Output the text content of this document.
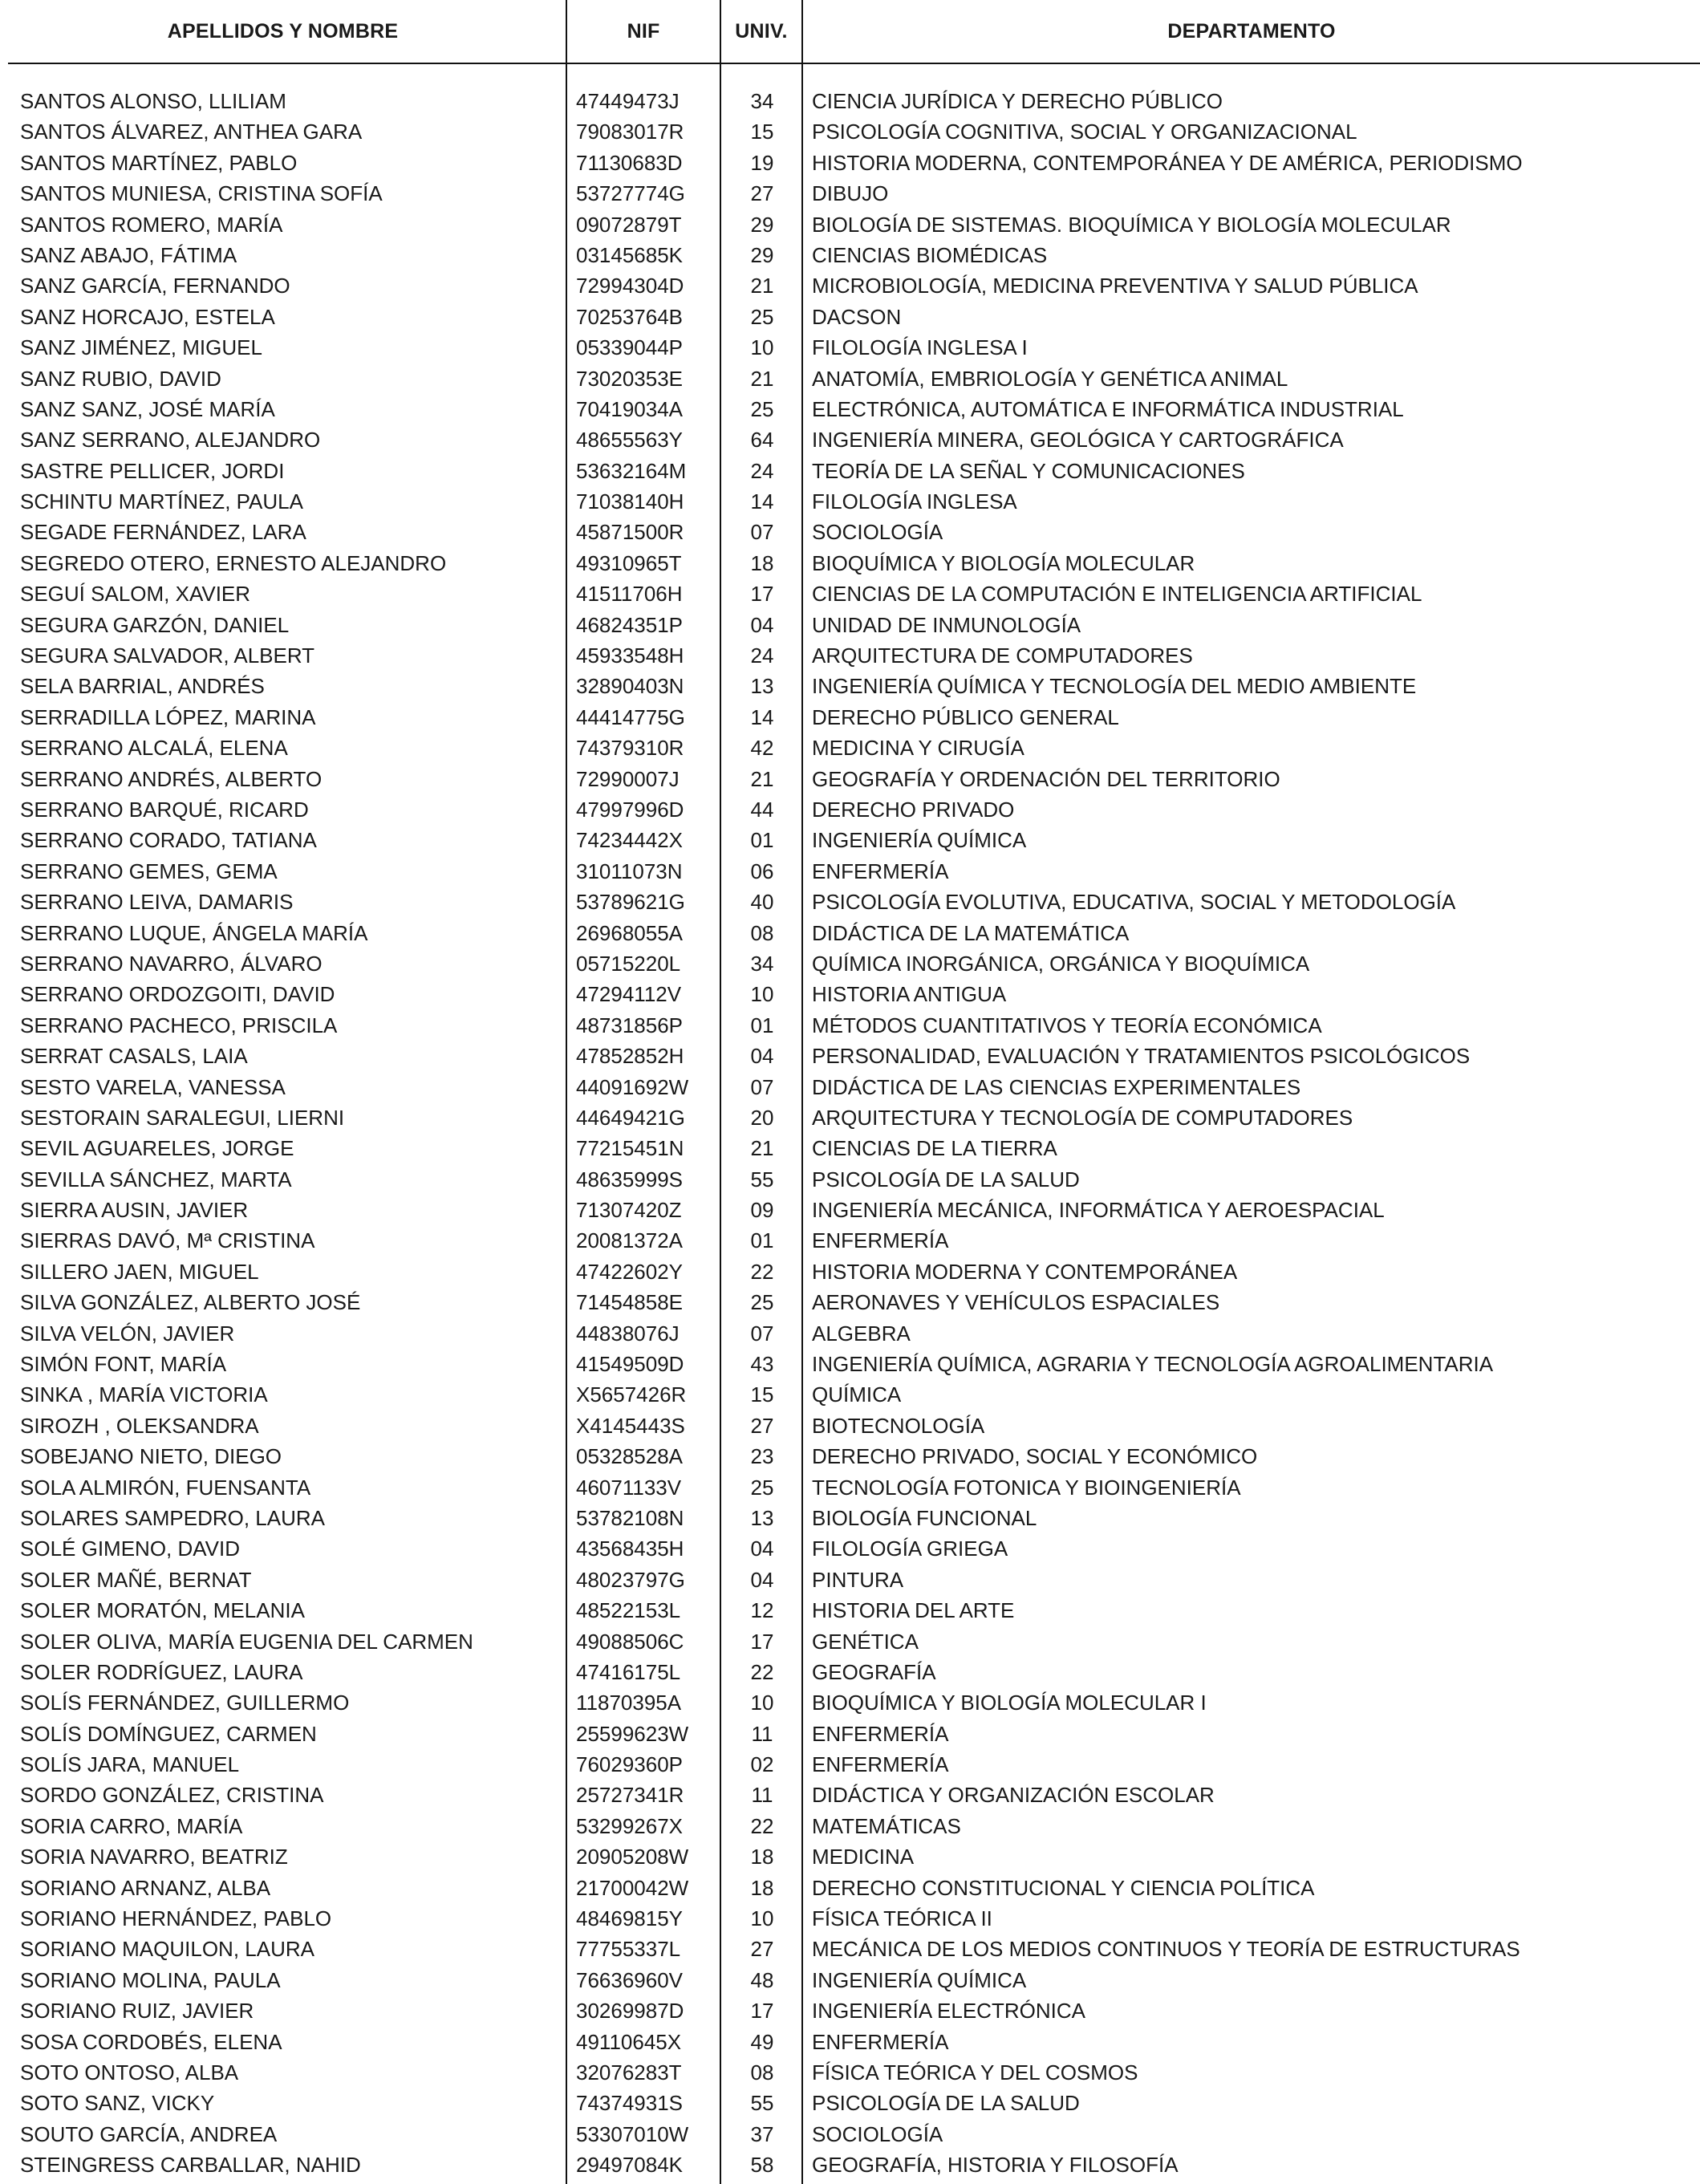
APELLIDOS Y NOMBRE	NIF	UNIV.	DEPARTAMENTO
SANTOS ALONSO, LLILIAM	47449473J	34	CIENCIA JURÍDICA Y DERECHO PÚBLICO
SANTOS ÁLVAREZ, ANTHEA GARA	79083017R	15	PSICOLOGÍA COGNITIVA, SOCIAL Y ORGANIZACIONAL
SANTOS MARTÍNEZ, PABLO	71130683D	19	HISTORIA MODERNA, CONTEMPORÁNEA Y DE AMÉRICA, PERIODISMO
SANTOS MUNIESA, CRISTINA SOFÍA	53727774G	27	DIBUJO
SANTOS ROMERO, MARÍA	09072879T	29	BIOLOGÍA DE SISTEMAS. BIOQUÍMICA Y BIOLOGÍA MOLECULAR
SANZ ABAJO, FÁTIMA	03145685K	29	CIENCIAS BIOMÉDICAS
SANZ GARCÍA, FERNANDO	72994304D	21	MICROBIOLOGÍA, MEDICINA PREVENTIVA Y SALUD PÚBLICA
SANZ HORCAJO, ESTELA	70253764B	25	DACSON
SANZ JIMÉNEZ, MIGUEL	05339044P	10	FILOLOGÍA INGLESA I
SANZ RUBIO, DAVID	73020353E	21	ANATOMÍA, EMBRIOLOGÍA Y GENÉTICA ANIMAL
SANZ SANZ, JOSÉ MARÍA	70419034A	25	ELECTRÓNICA, AUTOMÁTICA E INFORMÁTICA INDUSTRIAL
SANZ SERRANO, ALEJANDRO	48655563Y	64	INGENIERÍA MINERA, GEOLÓGICA Y CARTOGRÁFICA
SASTRE PELLICER, JORDI	53632164M	24	TEORÍA DE LA SEÑAL Y COMUNICACIONES
SCHINTU MARTÍNEZ, PAULA	71038140H	14	FILOLOGÍA INGLESA
SEGADE FERNÁNDEZ, LARA	45871500R	07	SOCIOLOGÍA
SEGREDO OTERO, ERNESTO ALEJANDRO	49310965T	18	BIOQUÍMICA Y BIOLOGÍA MOLECULAR
SEGUÍ SALOM, XAVIER	41511706H	17	CIENCIAS DE LA COMPUTACIÓN E INTELIGENCIA ARTIFICIAL
SEGURA GARZÓN, DANIEL	46824351P	04	UNIDAD DE INMUNOLOGÍA
SEGURA SALVADOR, ALBERT	45933548H	24	ARQUITECTURA DE COMPUTADORES
SELA BARRIAL, ANDRÉS	32890403N	13	INGENIERÍA QUÍMICA Y TECNOLOGÍA DEL MEDIO AMBIENTE
SERRADILLA LÓPEZ, MARINA	44414775G	14	DERECHO PÚBLICO GENERAL
SERRANO ALCALÁ, ELENA	74379310R	42	MEDICINA Y CIRUGÍA
SERRANO ANDRÉS, ALBERTO	72990007J	21	GEOGRAFÍA Y ORDENACIÓN DEL TERRITORIO
SERRANO BARQUÉ, RICARD	47997996D	44	DERECHO PRIVADO
SERRANO CORADO, TATIANA	74234442X	01	INGENIERÍA QUÍMICA
SERRANO GEMES, GEMA	31011073N	06	ENFERMERÍA
SERRANO LEIVA, DAMARIS	53789621G	40	PSICOLOGÍA EVOLUTIVA, EDUCATIVA, SOCIAL Y METODOLOGÍA
SERRANO LUQUE, ÁNGELA MARÍA	26968055A	08	DIDÁCTICA DE LA MATEMÁTICA
SERRANO NAVARRO, ÁLVARO	05715220L	34	QUÍMICA INORGÁNICA, ORGÁNICA Y BIOQUÍMICA
SERRANO ORDOZGOITI, DAVID	47294112V	10	HISTORIA ANTIGUA
SERRANO PACHECO, PRISCILA	48731856P	01	MÉTODOS CUANTITATIVOS Y TEORÍA ECONÓMICA
SERRAT CASALS, LAIA	47852852H	04	PERSONALIDAD, EVALUACIÓN Y TRATAMIENTOS PSICOLÓGICOS
SESTO VARELA, VANESSA	44091692W	07	DIDÁCTICA DE LAS CIENCIAS EXPERIMENTALES
SESTORAIN SARALEGUI, LIERNI	44649421G	20	ARQUITECTURA Y TECNOLOGÍA DE COMPUTADORES
SEVIL AGUARELES, JORGE	77215451N	21	CIENCIAS DE LA TIERRA
SEVILLA SÁNCHEZ, MARTA	48635999S	55	PSICOLOGÍA DE LA SALUD
SIERRA AUSIN, JAVIER	71307420Z	09	INGENIERÍA MECÁNICA, INFORMÁTICA Y AEROESPACIAL
SIERRAS DAVÓ, Mª CRISTINA	20081372A	01	ENFERMERÍA
SILLERO JAEN, MIGUEL	47422602Y	22	HISTORIA MODERNA Y CONTEMPORÁNEA
SILVA GONZÁLEZ, ALBERTO JOSÉ	71454858E	25	AERONAVES Y VEHÍCULOS ESPACIALES
SILVA VELÓN, JAVIER	44838076J	07	ALGEBRA
SIMÓN FONT, MARÍA	41549509D	43	INGENIERÍA QUÍMICA, AGRARIA Y TECNOLOGÍA AGROALIMENTARIA
SINKA , MARÍA VICTORIA	X5657426R	15	QUÍMICA
SIROZH , OLEKSANDRA	X4145443S	27	BIOTECNOLOGÍA
SOBEJANO NIETO, DIEGO	05328528A	23	DERECHO PRIVADO, SOCIAL Y ECONÓMICO
SOLA ALMIRÓN, FUENSANTA	46071133V	25	TECNOLOGÍA FOTONICA Y BIOINGENIERÍA
SOLARES SAMPEDRO, LAURA	53782108N	13	BIOLOGÍA FUNCIONAL
SOLÉ GIMENO, DAVID	43568435H	04	FILOLOGÍA GRIEGA
SOLER MAÑÉ, BERNAT	48023797G	04	PINTURA
SOLER MORATÓN, MELANIA	48522153L	12	HISTORIA DEL ARTE
SOLER OLIVA, MARÍA EUGENIA DEL CARMEN	49088506C	17	GENÉTICA
SOLER RODRÍGUEZ, LAURA	47416175L	22	GEOGRAFÍA
SOLÍS FERNÁNDEZ, GUILLERMO	11870395A	10	BIOQUÍMICA Y BIOLOGÍA MOLECULAR I
SOLÍS DOMÍNGUEZ, CARMEN	25599623W	11	ENFERMERÍA
SOLÍS JARA, MANUEL	76029360P	02	ENFERMERÍA
SORDO GONZÁLEZ, CRISTINA	25727341R	11	DIDÁCTICA Y ORGANIZACIÓN ESCOLAR
SORIA CARRO, MARÍA	53299267X	22	MATEMÁTICAS
SORIA NAVARRO, BEATRIZ	20905208W	18	MEDICINA
SORIANO ARNANZ, ALBA	21700042W	18	DERECHO CONSTITUCIONAL Y CIENCIA POLÍTICA
SORIANO HERNÁNDEZ, PABLO	48469815Y	10	FÍSICA TEÓRICA II
SORIANO MAQUILON, LAURA	77755337L	27	MECÁNICA DE LOS MEDIOS CONTINUOS Y TEORÍA DE ESTRUCTURAS
SORIANO MOLINA, PAULA	76636960V	48	INGENIERÍA QUÍMICA
SORIANO RUIZ, JAVIER	30269987D	17	INGENIERÍA ELECTRÓNICA
SOSA CORDOBÉS, ELENA	49110645X	49	ENFERMERÍA
SOTO ONTOSO, ALBA	32076283T	08	FÍSICA TEÓRICA Y DEL COSMOS
SOTO SANZ, VICKY	74374931S	55	PSICOLOGÍA DE LA SALUD
SOUTO GARCÍA, ANDREA	53307010W	37	SOCIOLOGÍA
STEINGRESS CARBALLAR, NAHID	29497084K	58	GEOGRAFÍA, HISTORIA Y FILOSOFÍA
